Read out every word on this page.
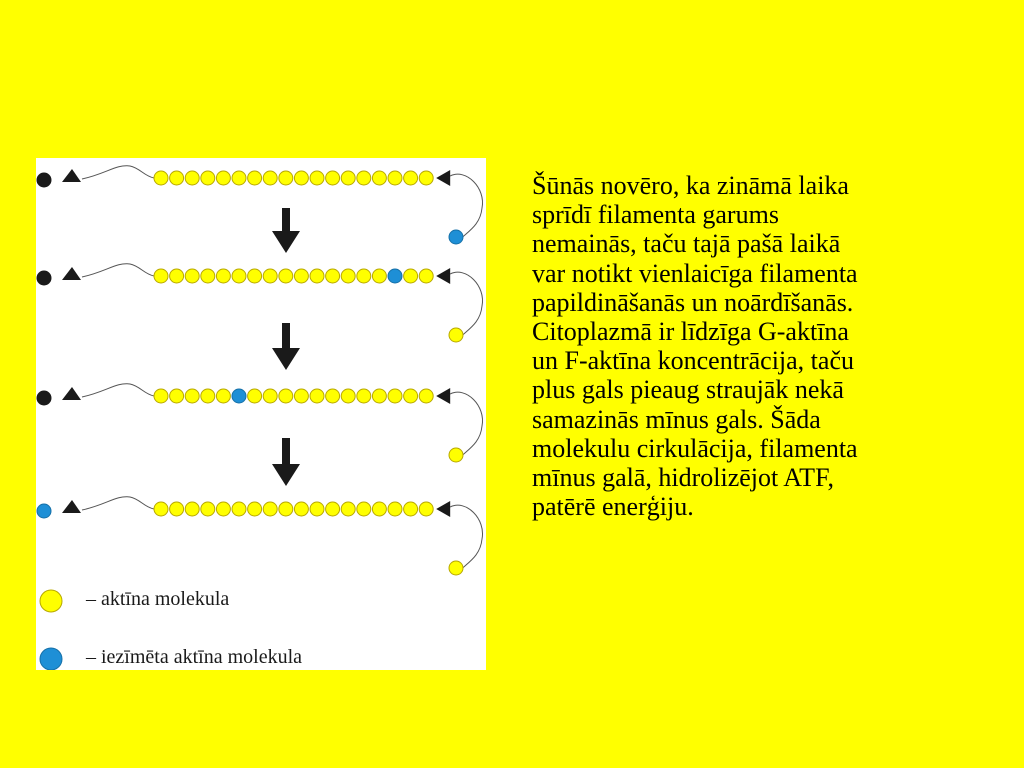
– aktīna molekula
– iezīmēta aktīna molekula
Šūnās novēro, ka zināmā laika
sprīdī filamenta garums
nemainās, taču tajā pašā laikā
var notikt vienlaicīga filamenta
papildināšanās un noārdīšanās.
Citoplazmā ir līdzīga G-aktīna
un F-aktīna koncentrācija, taču
plus gals pieaug straujāk nekā
samazinās mīnus gals. Šāda
molekulu cirkulācija, filamenta
mīnus galā, hidrolizējot ATF,
patērē enerģiju.
